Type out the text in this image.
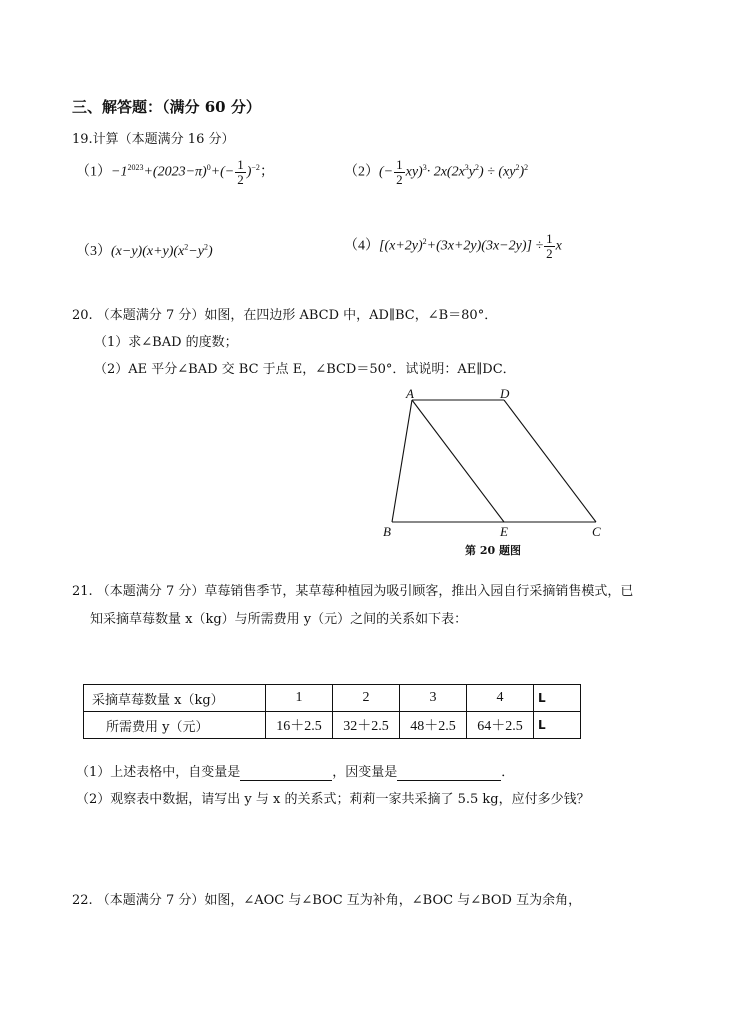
三、解答题：（满分 60 分）
19.计算（本题满分 16 分）
$(1)-1^{2023}+(2023-\pi)^0+(- \frac{1}{2} )^{-2}$；	$(2)(- \frac{1}{2} xy)^3\cdot 2x(2x^3y^2) \div (xy^2)^2$
$(3)(x-y)(x+y)(x^2-y^2)$	$(4)[(x+2y)^2+(3x+2y)(3x-2y)] \div \frac{1}{2}$ x
20. （本题满分 7 分）如图，在四边形 ABCD 中，AD∥BC，∠B＝80°．
（1）求∠BAD 的度数；
（2）AE 平分∠BAD 交 BC 于点 E，∠BCD＝50°．试说明：AE∥DC．
A	D
B	E	C
第 20 题图
21. （本题满分 7 分）草莓销售季节，某草莓种植园为吸引顾客，推出入园自行采摘销售模式，已
知采摘草莓数量 x（kg）与所需费用 y（元）之间的关系如下表：
采摘草莓数量 x（kg）	1	2	3	4	L
所需费用 y（元）	16＋2.5	32＋2.5	48＋2.5	64＋2.5	L
（1）上述表格中，自变量是	，因变量是	．
（2）观察表中数据，请写出 y 与 x 的关系式；莉莉一家共采摘了 5.5 kg，应付多少钱？
22. （本题满分 7 分）如图，∠AOC 与∠BOC 互为补角，∠BOC 与∠BOD 互为余角，
